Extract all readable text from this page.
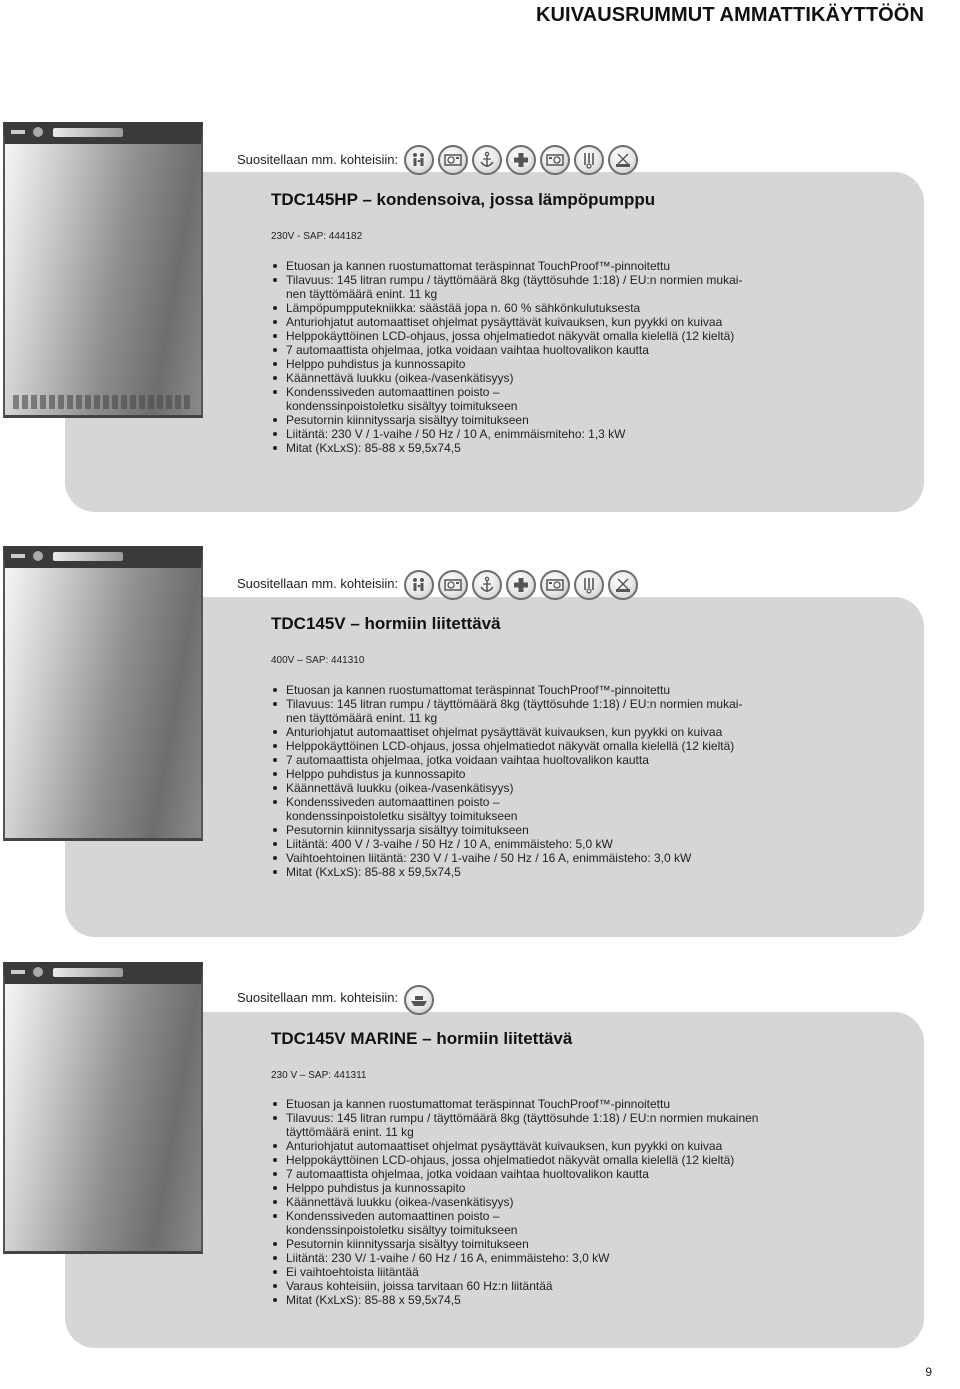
KUIVAUSRUMMUT AMMATTIKÄYTTÖÖN
Suositellaan mm. kohteisiin:
TDC145HP – kondensoiva, jossa lämpöpumppu
230V - SAP: 444182
Etuosan ja kannen ruostumattomat teräspinnat TouchProof™-pinnoitettu
Tilavuus: 145 litran rumpu / täyttömäärä 8kg (täyttösuhde 1:18) / EU:n normien mukai-
nen täyttömäärä enint. 11 kg
Lämpöpumpputekniikka: säästää jopa n. 60 % sähkönkulutuksesta
Anturiohjatut automaattiset ohjelmat pysäyttävät kuivauksen, kun pyykki on kuivaa
Helppokäyttöinen LCD-ohjaus, jossa ohjelmatiedot näkyvät omalla kielellä (12 kieltä)
7 automaattista ohjelmaa, jotka voidaan vaihtaa huoltovalikon kautta
Helppo puhdistus ja kunnossapito
Käännettävä luukku (oikea-/vasenkätisyys)
Kondenssiveden automaattinen poisto –
kondenssinpoistoletku sisältyy toimitukseen
Pesutornin kiinnityssarja sisältyy toimitukseen
Liitäntä: 230 V / 1-vaihe / 50 Hz / 10 A, enimmäismiteho: 1,3 kW
Mitat (KxLxS): 85-88 x 59,5x74,5
Suositellaan mm. kohteisiin:
TDC145V – hormiin liitettävä
400V – SAP: 441310
Etuosan ja kannen ruostumattomat teräspinnat TouchProof™-pinnoitettu
Tilavuus: 145 litran rumpu / täyttömäärä 8kg (täyttösuhde 1:18) / EU:n normien mukai-
nen täyttömäärä enint. 11 kg
Anturiohjatut automaattiset ohjelmat pysäyttävät kuivauksen, kun pyykki on kuivaa
Helppokäyttöinen LCD-ohjaus, jossa ohjelmatiedot näkyvät omalla kielellä (12 kieltä)
7 automaattista ohjelmaa, jotka voidaan vaihtaa huoltovalikon kautta
Helppo puhdistus ja kunnossapito
Käännettävä luukku (oikea-/vasenkätisyys)
Kondenssiveden automaattinen poisto –
kondenssinpoistoletku sisältyy toimitukseen
Pesutornin kiinnityssarja sisältyy toimitukseen
Liitäntä: 400 V / 3-vaihe / 50 Hz / 10 A, enimmäisteho: 5,0 kW
Vaihtoehtoinen liitäntä: 230 V / 1-vaihe / 50 Hz / 16 A, enimmäisteho: 3,0 kW
Mitat (KxLxS): 85-88 x 59,5x74,5
Suositellaan mm. kohteisiin:
TDC145V MARINE – hormiin liitettävä
230 V – SAP: 441311
Etuosan ja kannen ruostumattomat teräspinnat TouchProof™-pinnoitettu
Tilavuus: 145 litran rumpu / täyttömäärä 8kg (täyttösuhde 1:18) / EU:n normien mukainen
täyttömäärä enint. 11 kg
Anturiohjatut automaattiset ohjelmat pysäyttävät kuivauksen, kun pyykki on kuivaa
Helppokäyttöinen LCD-ohjaus, jossa ohjelmatiedot näkyvät omalla kielellä (12 kieltä)
7 automaattista ohjelmaa, jotka voidaan vaihtaa huoltovalikon kautta
Helppo puhdistus ja kunnossapito
Käännettävä luukku (oikea-/vasenkätisyys)
Kondenssiveden automaattinen poisto –
kondenssinpoistoletku sisältyy toimitukseen
Pesutornin kiinnityssarja sisältyy toimitukseen
Liitäntä: 230 V/ 1-vaihe / 60 Hz / 16 A, enimmäisteho: 3,0 kW
Ei vaihtoehtoista liitäntää
Varaus kohteisiin, joissa tarvitaan 60 Hz:n liitäntää
Mitat (KxLxS): 85-88 x 59,5x74,5
9
